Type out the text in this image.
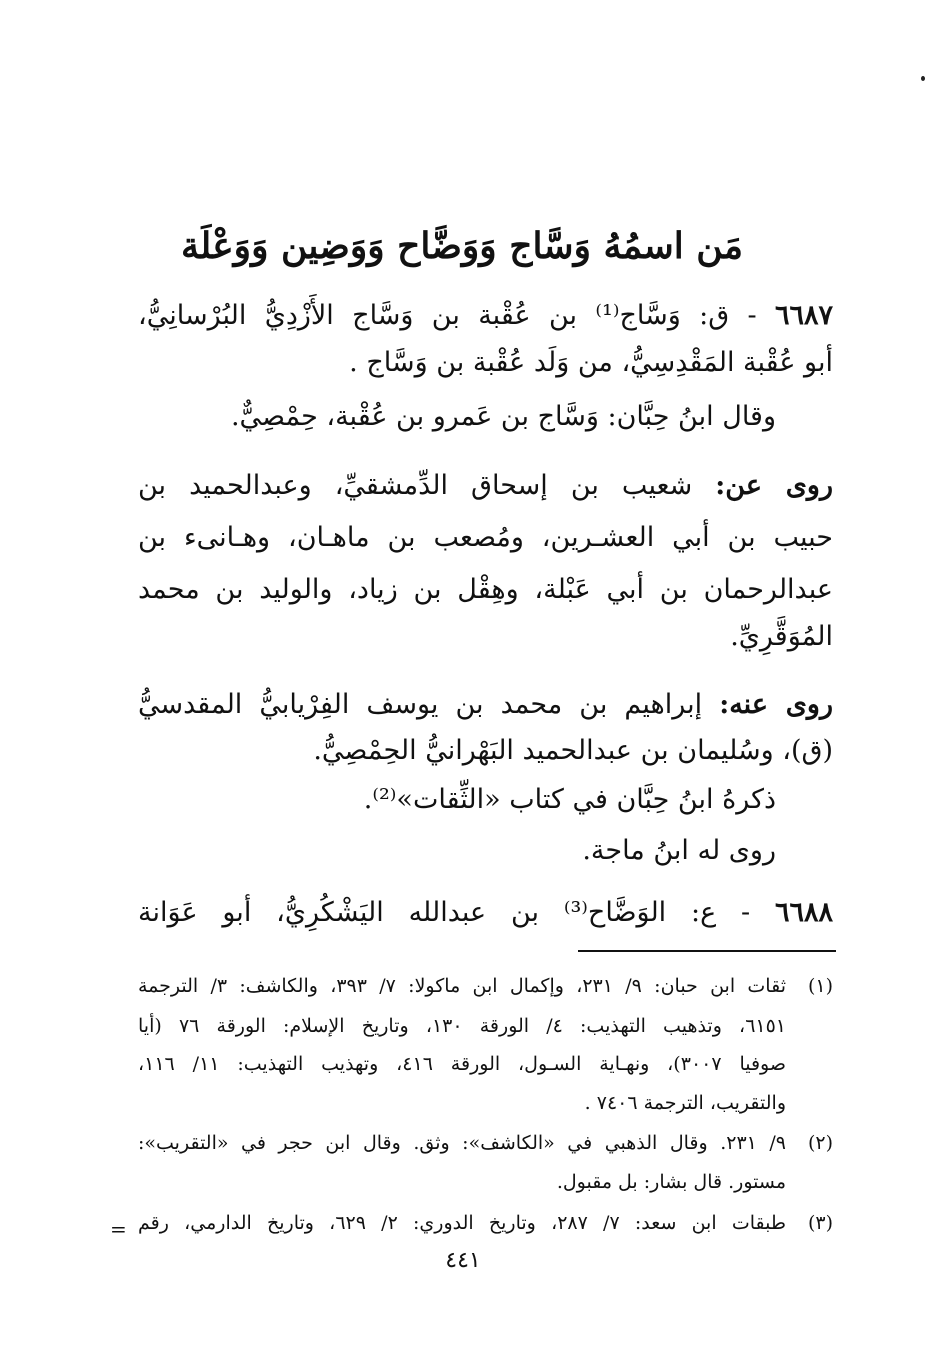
مَن اسمُهُ وَسَّاج وَوَضَّاح وَوَضِين وَوَعْلَة
٦٦٨٧ - ق: وَسَّاج⁽¹⁾ بن عُقْبة بن وَسَّاج الأَزْدِيُّ البُرْسانِيُّ،
أبو عُقْبة المَقْدِسِيُّ، من وَلَد عُقْبة بن وَسَّاج .
وقال ابنُ حِبَّان: وَسَّاج بن عَمرو بن عُقْبة، حِمْصِيٌّ.
روى عن: شعيب بن إسحاق الدِّمشقيِّ، وعبدالحميد بن
حبيب بن أبي العشـرين، ومُصعب بن ماهـان، وهـانىء بن
عبدالرحمان بن أبي عَبْلة، وهِقْل بن زياد، والوليد بن محمد
المُوَقَّرِيِّ.
روى عنه: إبراهيم بن محمد بن يوسف الفِرْيابيُّ المقدسيُّ
(ق)، وسُليمان بن عبدالحميد البَهْرانيُّ الحِمْصِيُّ.
ذكرهُ ابنُ حِبَّان في كتاب «الثِّقات»⁽²⁾.
روى له ابنُ ماجة.
٦٦٨٨ - ع: الوَضَّاح⁽³⁾ بن عبدالله اليَشْكُرِيُّ، أبو عَوَانة
(١)
ثقات ابن حبان: ٩/ ٢٣١، وإكمال ابن ماكولا: ٧/ ٣٩٣، والكاشف: ٣/ الترجمة
٦١٥١، وتذهيب التهذيب: ٤/ الورقة ١٣٠، وتاريخ الإسلام: الورقة ٧٦ (أيا
صوفيا ٣٠٠٧)، ونهـاية السـول، الورقة ٤١٦، وتهذيب التهذيب: ١١/ ١١٦،
والتقريب، الترجمة ٧٤٠٦ .
(٢)
٩/ ٢٣١. وقال الذهبي في «الكاشف»: وثق. وقال ابن حجر في «التقريب»:
مستور. قال بشار: بل مقبول.
(٣)
طبقات ابن سعد: ٧/ ٢٨٧، وتاريخ الدوري: ٢/ ٦٢٩، وتاريخ الدارمي، رقم
=
٤٤١
